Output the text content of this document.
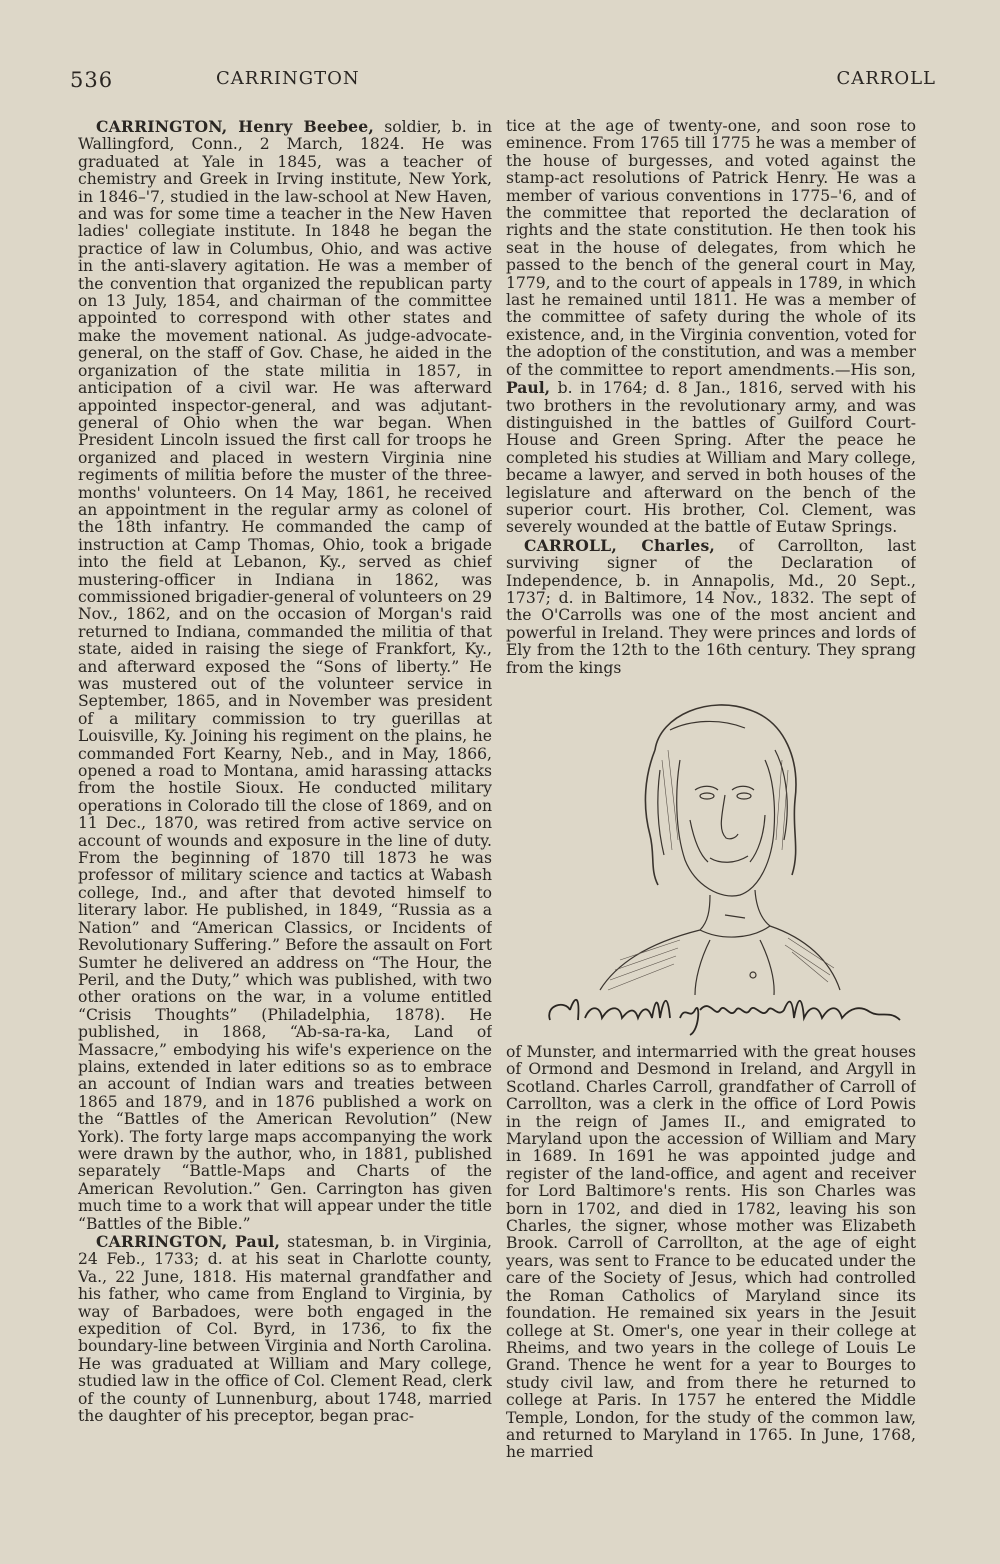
536	CARRINGTON	CARROLL

CARRINGTON, Henry Beebee, soldier, b. in Wallingford, Conn., 2 March, 1824. He was graduated at Yale in 1845, was a teacher of chemistry and Greek in Irving institute, New York, in 1846–'7, studied in the law-school at New Haven, and was for some time a teacher in the New Haven ladies' collegiate institute. In 1848 he began the practice of law in Columbus, Ohio, and was active in the anti-slavery agitation. He was a member of the convention that organized the republican party on 13 July, 1854, and chairman of the committee appointed to correspond with other states and make the movement national. As judge-advocate-general, on the staff of Gov. Chase, he aided in the organization of the state militia in 1857, in anticipation of a civil war. He was afterward appointed inspector-general, and was adjutant-general of Ohio when the war began. When President Lincoln issued the first call for troops he organized and placed in western Virginia nine regiments of militia before the muster of the three-months' volunteers. On 14 May, 1861, he received an appointment in the regular army as colonel of the 18th infantry. He commanded the camp of instruction at Camp Thomas, Ohio, took a brigade into the field at Lebanon, Ky., served as chief mustering-officer in Indiana in 1862, was commissioned brigadier-general of volunteers on 29 Nov., 1862, and on the occasion of Morgan's raid returned to Indiana, commanded the militia of that state, aided in raising the siege of Frankfort, Ky., and afterward exposed the “Sons of liberty.” He was mustered out of the volunteer service in September, 1865, and in November was president of a military commission to try guerillas at Louisville, Ky. Joining his regiment on the plains, he commanded Fort Kearny, Neb., and in May, 1866, opened a road to Montana, amid harassing attacks from the hostile Sioux. He conducted military operations in Colorado till the close of 1869, and on 11 Dec., 1870, was retired from active service on account of wounds and exposure in the line of duty. From the beginning of 1870 till 1873 he was professor of military science and tactics at Wabash college, Ind., and after that devoted himself to literary labor. He published, in 1849, “Russia as a Nation” and “American Classics, or Incidents of Revolutionary Suffering.” Before the assault on Fort Sumter he delivered an address on “The Hour, the Peril, and the Duty,” which was published, with two other orations on the war, in a volume entitled “Crisis Thoughts” (Philadelphia, 1878). He published, in 1868, “Ab-sa-ra-ka, Land of Massacre,” embodying his wife's experience on the plains, extended in later editions so as to embrace an account of Indian wars and treaties between 1865 and 1879, and in 1876 published a work on the “Battles of the American Revolution” (New York). The forty large maps accompanying the work were drawn by the author, who, in 1881, published separately “Battle-Maps and Charts of the American Revolution.” Gen. Carrington has given much time to a work that will appear under the title “Battles of the Bible.”

CARRINGTON, Paul, statesman, b. in Virginia, 24 Feb., 1733; d. at his seat in Charlotte county, Va., 22 June, 1818. His maternal grandfather and his father, who came from England to Virginia, by way of Barbadoes, were both engaged in the expedition of Col. Byrd, in 1736, to fix the boundary-line between Virginia and North Carolina. He was graduated at William and Mary college, studied law in the office of Col. Clement Read, clerk of the county of Lunnenburg, about 1748, married the daughter of his preceptor, began prac-

tice at the age of twenty-one, and soon rose to eminence. From 1765 till 1775 he was a member of the house of burgesses, and voted against the stamp-act resolutions of Patrick Henry. He was a member of various conventions in 1775–'6, and of the committee that reported the declaration of rights and the state constitution. He then took his seat in the house of delegates, from which he passed to the bench of the general court in May, 1779, and to the court of appeals in 1789, in which last he remained until 1811. He was a member of the committee of safety during the whole of its existence, and, in the Virginia convention, voted for the adoption of the constitution, and was a member of the committee to report amendments.—His son, Paul, b. in 1764; d. 8 Jan., 1816, served with his two brothers in the revolutionary army, and was distinguished in the battles of Guilford Court-House and Green Spring. After the peace he completed his studies at William and Mary college, became a lawyer, and served in both houses of the legislature and afterward on the bench of the superior court. His brother, Col. Clement, was severely wounded at the battle of Eutaw Springs.

CARROLL, Charles, of Carrollton, last surviving signer of the Declaration of Independence, b. in Annapolis, Md., 20 Sept., 1737; d. in Baltimore, 14 Nov., 1832. The sept of the O'Carrolls was one of the most ancient and powerful in Ireland. They were princes and lords of Ely from the 12th to the 16th century. They sprang from the kings

of Munster, and intermarried with the great houses of Ormond and Desmond in Ireland, and Argyll in Scotland. Charles Carroll, grandfather of Carroll of Carrollton, was a clerk in the office of Lord Powis in the reign of James II., and emigrated to Maryland upon the accession of William and Mary in 1689. In 1691 he was appointed judge and register of the land-office, and agent and receiver for Lord Baltimore's rents. His son Charles was born in 1702, and died in 1782, leaving his son Charles, the signer, whose mother was Elizabeth Brook. Carroll of Carrollton, at the age of eight years, was sent to France to be educated under the care of the Society of Jesus, which had controlled the Roman Catholics of Maryland since its foundation. He remained six years in the Jesuit college at St. Omer's, one year in their college at Rheims, and two years in the college of Louis Le Grand. Thence he went for a year to Bourges to study civil law, and from there he returned to college at Paris. In 1757 he entered the Middle Temple, London, for the study of the common law, and returned to Maryland in 1765. In June, 1768, he married
